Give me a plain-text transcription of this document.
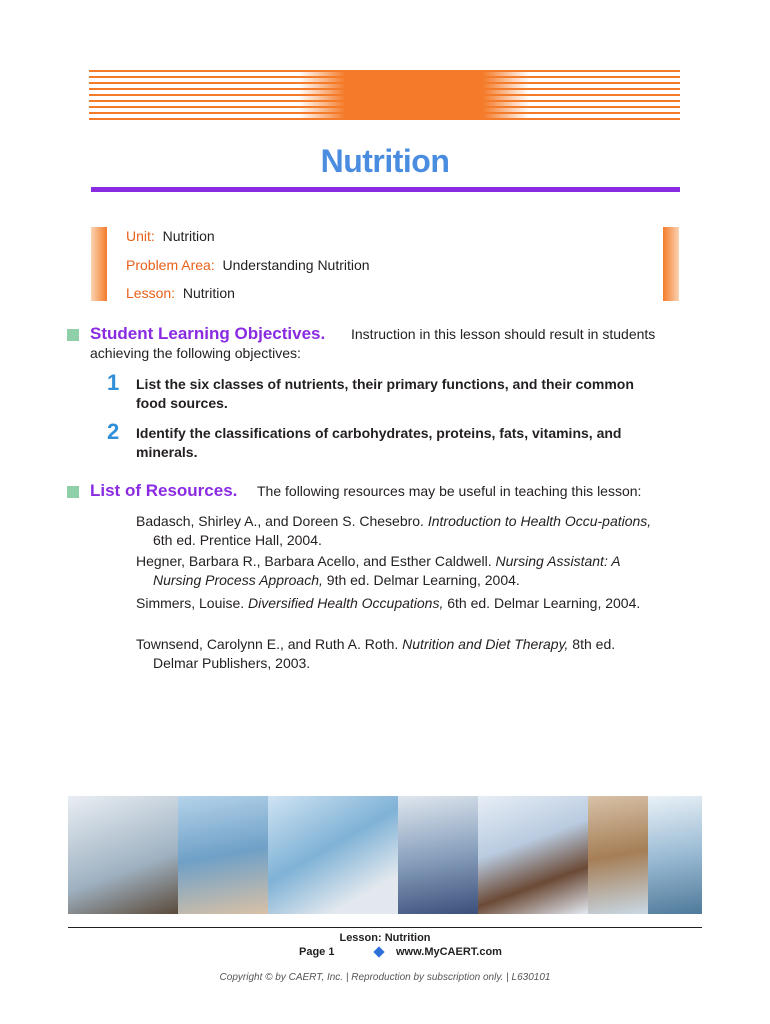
Nutrition
Unit: Nutrition
Problem Area: Understanding Nutrition
Lesson: Nutrition
Student Learning Objectives. Instruction in this lesson should result in students
achieving the following objectives:
1 List the six classes of nutrients, their primary functions, and their common
food sources.
2 Identify the classifications of carbohydrates, proteins, fats, vitamins, and
minerals.
List of Resources. The following resources may be useful in teaching this lesson:
Badasch, Shirley A., and Doreen S. Chesebro. Introduction to Health Occu-pations, 6th ed. Prentice Hall, 2004.
Hegner, Barbara R., Barbara Acello, and Esther Caldwell. Nursing Assistant: A Nursing Process Approach, 9th ed. Delmar Learning, 2004.
Simmers, Louise. Diversified Health Occupations, 6th ed. Delmar Learning, 2004.
Townsend, Carolynn E., and Ruth A. Roth. Nutrition and Diet Therapy, 8th ed. Delmar Publishers, 2003.
Lesson: Nutrition
Page 1	www.MyCAERT.com
Copyright © by CAERT, Inc. | Reproduction by subscription only. | L630101
